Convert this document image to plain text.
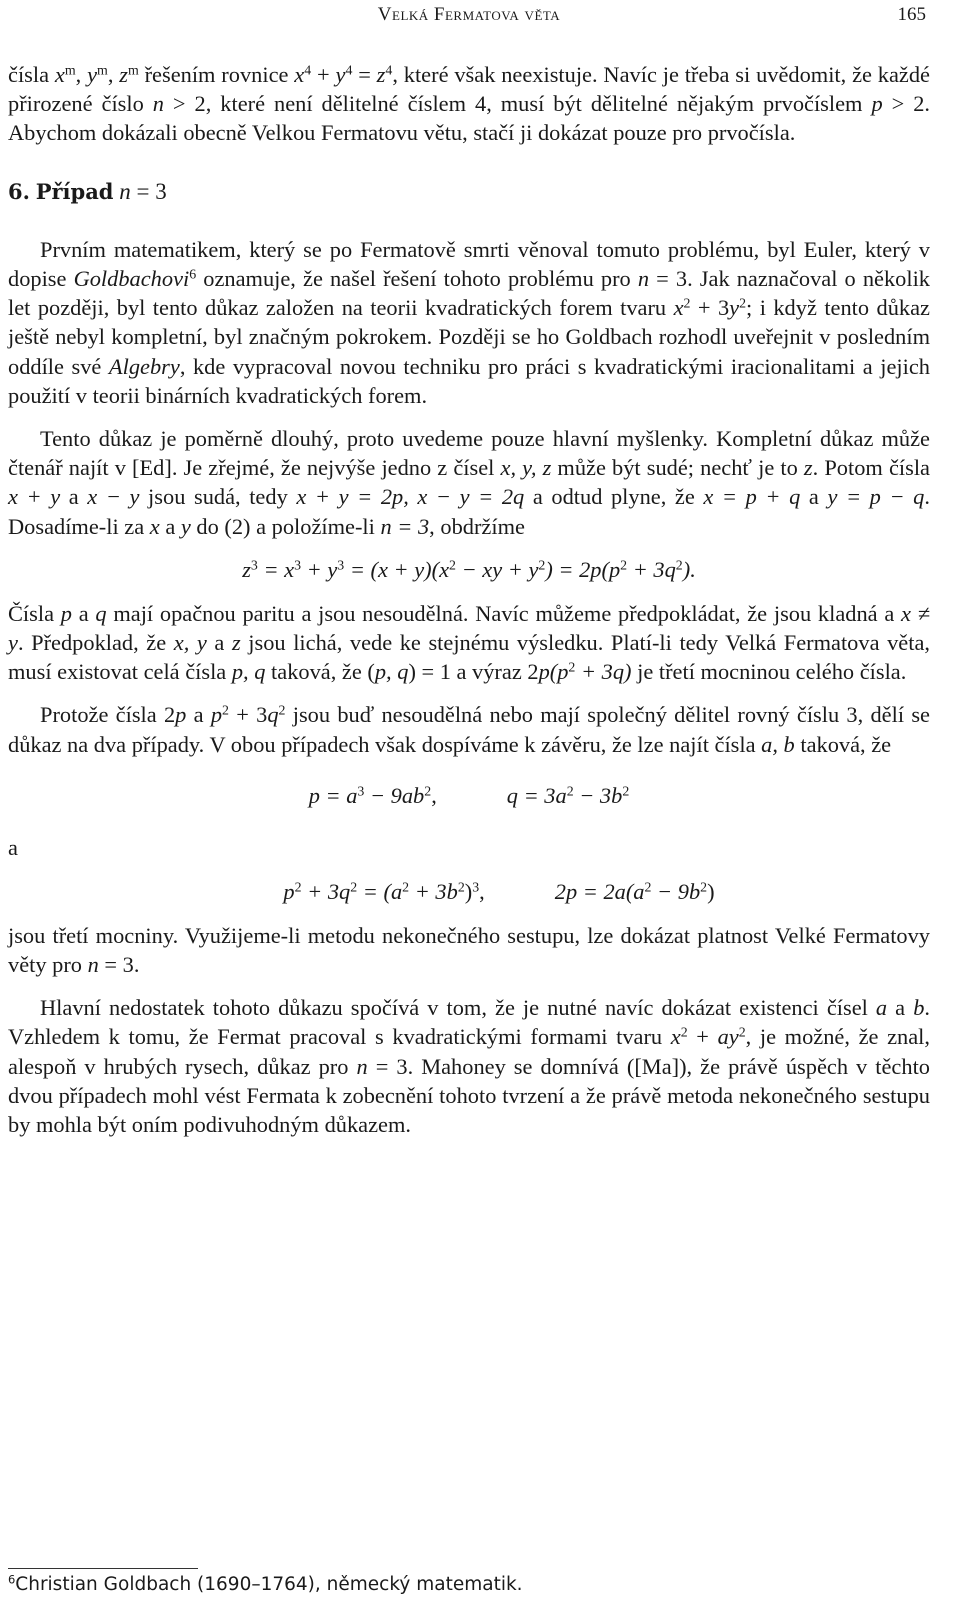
Velká Fermatova věta	165

čísla $x^m$, $y^m$, $z^m$ řešením rovnice $x^4 + y^4 = z^4$, které však neexistuje. Navíc je třeba si uvědomit, že každé přirozené číslo n > 2, které není dělitelné číslem 4, musí být dělitelné nějakým prvočíslem p > 2. Abychom dokázali obecně Velkou Fermatovu větu, stačí ji dokázat pouze pro prvočísla.

6. Případ n = 3

Prvním matematikem, který se po Fermatově smrti věnoval tomuto problému, byl Euler, který v dopise Goldbachovi$^6$ oznamuje, že našel řešení tohoto problému pro n = 3. Jak naznačoval o několik let později, byl tento důkaz založen na teorii kvadratických forem tvaru $x^2 + 3y^2$; i když tento důkaz ještě nebyl kompletní, byl značným pokrokem. Později se ho Goldbach rozhodl uveřejnit v posledním oddíle své Algebry, kde vypracoval novou techniku pro práci s kvadratickými iracionalitami a jejich použití v teorii binárních kvadratických forem.

Tento důkaz je poměrně dlouhý, proto uvedeme pouze hlavní myšlenky. Kompletní důkaz může čtenář najít v [Ed]. Je zřejmé, že nejvýše jedno z čísel x, y, z může být sudé; nechť je to z. Potom čísla x + y a x − y jsou sudá, tedy x + y = 2p, x − y = 2q a odtud plyne, že x = p + q a y = p − q. Dosadíme-li za x a y do (2) a položíme-li n = 3, obdržíme

$z^3 = x^3 + y^3 = (x + y)(x^2$ − xy + $y^2) = 2p(p^2 + 3q^2)$.

Čísla p a q mají opačnou paritu a jsou nesoudělná. Navíc můžeme předpokládat, že jsou kladná a x ≠ y. Předpoklad, že x, y a z jsou lichá, vede ke stejnému výsledku. Platí-li tedy Velká Fermatova věta, musí existovat celá čísla p, q taková, že (p, q) = 1 a výraz $2p(p^2 + 3q)$ je třetí mocninou celého čísla.

Protože čísla 2p a $p^2 + 3q^2$ jsou buď nesoudělná nebo mají společný dělitel rovný číslu 3, dělí se důkaz na dva případy. V obou případech však dospíváme k závěru, že lze najít čísla a, b taková, že

$p = a^3 - 9ab^2$,	$q = 3a^2 - 3b^2$
a
$p^2 + 3q^2 = (a^2 + 3b^2)^3$,	$2p = 2a(a^2 - 9b^2)$

jsou třetí mocniny. Využijeme-li metodu nekonečného sestupu, lze dokázat platnost Velké Fermatovy věty pro n = 3.

Hlavní nedostatek tohoto důkazu spočívá v tom, že je nutné navíc dokázat existenci čísel a a b. Vzhledem k tomu, že Fermat pracoval s kvadratickými formami tvaru $x^2 + ay^2$, je možné, že znal, alespoň v hrubých rysech, důkaz pro n = 3. Mahoney se domnívá ([Ma]), že právě úspěch v těchto dvou případech mohl vést Fermata k zobecnění tohoto tvrzení a že právě metoda nekonečného sestupu by mohla být oním podivuhodným důkazem.

$^6$Christian Goldbach (1690–1764), německý matematik.
